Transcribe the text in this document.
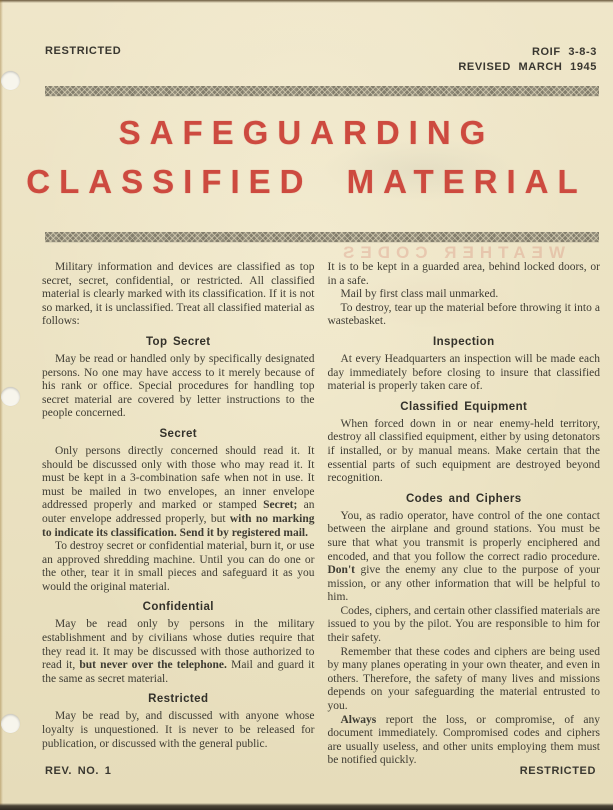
RESTRICTED	ROIF 3-8-3
REVISED MARCH 1945
SAFEGUARDING
CLASSIFIED MATERIAL
WEATHER CODES

Military information and devices are classified as top secret, secret, confidential, or restricted. All classified material is clearly marked with its classification. If it is not so marked, it is unclassified. Treat all classified material as follows:

Top Secret

May be read or handled only by specifically designated persons. No one may have access to it merely because of his rank or office. Special procedures for handling top secret material are covered by letter instructions to the people concerned.

Secret

Only persons directly concerned should read it. It should be discussed only with those who may read it. It must be kept in a 3-combination safe when not in use. It must be mailed in two envelopes, an inner envelope addressed properly and marked or stamped Secret; an outer envelope addressed properly, but with no marking to indicate its classification. Send it by registered mail.

To destroy secret or confidential material, burn it, or use an approved shredding machine. Until you can do one or the other, tear it in small pieces and safeguard it as you would the original material.

Confidential

May be read only by persons in the military establishment and by civilians whose duties require that they read it. It may be discussed with those authorized to read it, but never over the telephone. Mail and guard it the same as secret material.

Restricted

May be read by, and discussed with anyone whose loyalty is unquestioned. It is never to be released for publication, or discussed with the general public.

It is to be kept in a guarded area, behind locked doors, or in a safe.

Mail by first class mail unmarked.

To destroy, tear up the material before throwing it into a wastebasket.

Inspection

At every Headquarters an inspection will be made each day immediately before closing to insure that classified material is properly taken care of.

Classified Equipment

When forced down in or near enemy-held territory, destroy all classified equipment, either by using detonators if installed, or by manual means. Make certain that the essential parts of such equipment are destroyed beyond recognition.

Codes and Ciphers

You, as radio operator, have control of the one contact between the airplane and ground stations. You must be sure that what you transmit is properly enciphered and encoded, and that you follow the correct radio procedure. Don't give the enemy any clue to the purpose of your mission, or any other information that will be helpful to him.

Codes, ciphers, and certain other classified materials are issued to you by the pilot. You are responsible to him for their safety.

Remember that these codes and ciphers are being used by many planes operating in your own theater, and even in others. Therefore, the safety of many lives and missions depends on your safeguarding the material entrusted to you.

Always report the loss, or compromise, of any document immediately. Compromised codes and ciphers are usually useless, and other units employing them must be notified quickly.

REV. NO. 1	RESTRICTED
